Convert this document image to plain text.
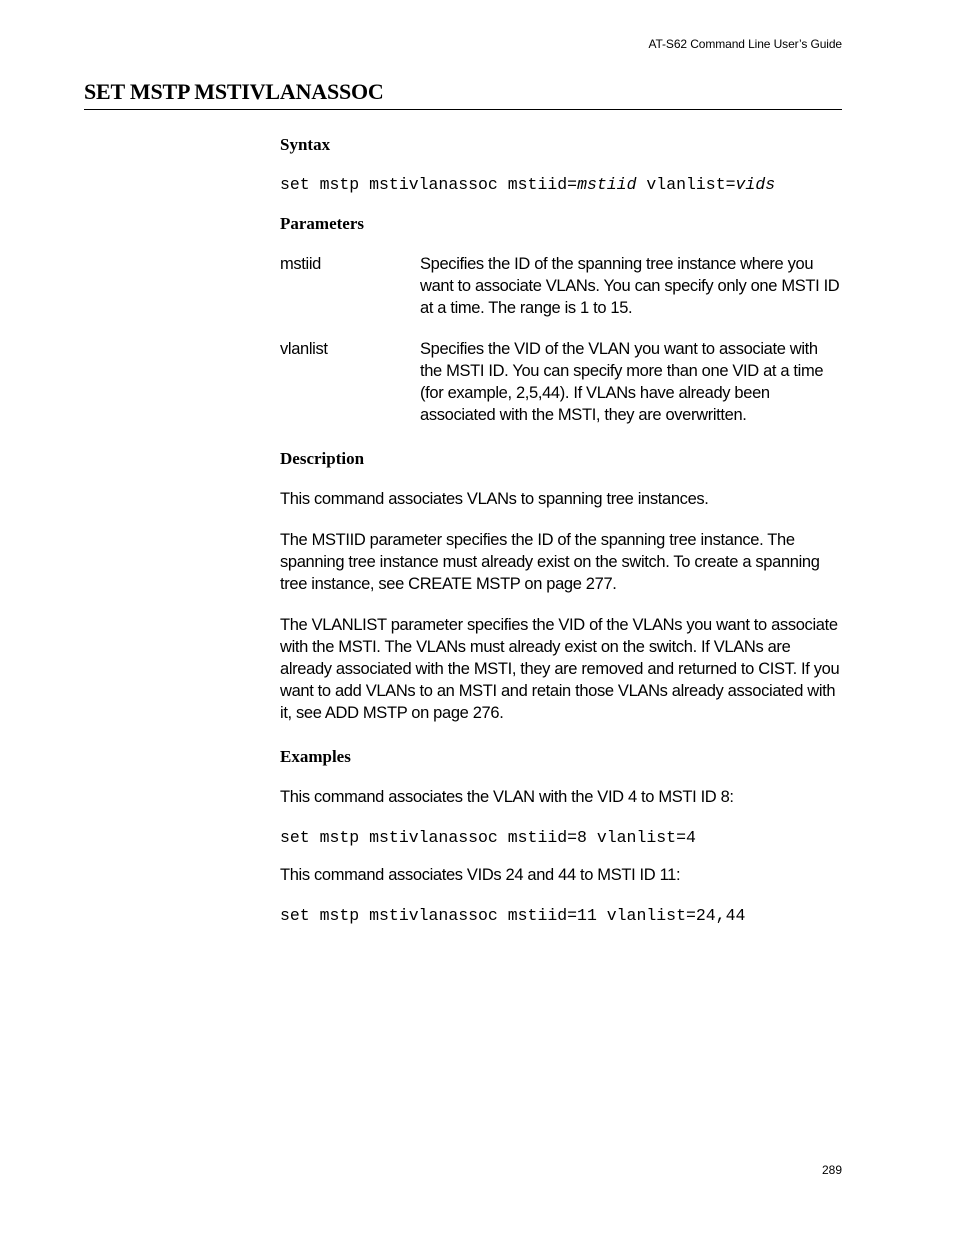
AT-S62 Command Line User’s Guide
SET MSTP MSTIVLANASSOC
Syntax

set mstp mstivlanassoc mstiid=mstiid vlanlist=vids

Parameters
mstiid	Specifies the ID of the spanning tree instance where you want to associate VLANs. You can specify only one MSTI ID at a time. The range is 1 to 15.
vlanlist	Specifies the VID of the VLAN you want to associate with the MSTI ID. You can specify more than one VID at a time (for example, 2,5,44). If VLANs have already been associated with the MSTI, they are overwritten.
Description

This command associates VLANs to spanning tree instances.

The MSTIID parameter specifies the ID of the spanning tree instance. The spanning tree instance must already exist on the switch. To create a spanning tree instance, see CREATE MSTP on page 277.

The VLANLIST parameter specifies the VID of the VLANs you want to associate with the MSTI. The VLANs must already exist on the switch. If VLANs are already associated with the MSTI, they are removed and returned to CIST. If you want to add VLANs to an MSTI and retain those VLANs already associated with it, see ADD MSTP on page 276.

Examples

This command associates the VLAN with the VID 4 to MSTI ID 8:

set mstp mstivlanassoc mstiid=8 vlanlist=4

This command associates VIDs 24 and 44 to MSTI ID 11:

set mstp mstivlanassoc mstiid=11 vlanlist=24,44

289
